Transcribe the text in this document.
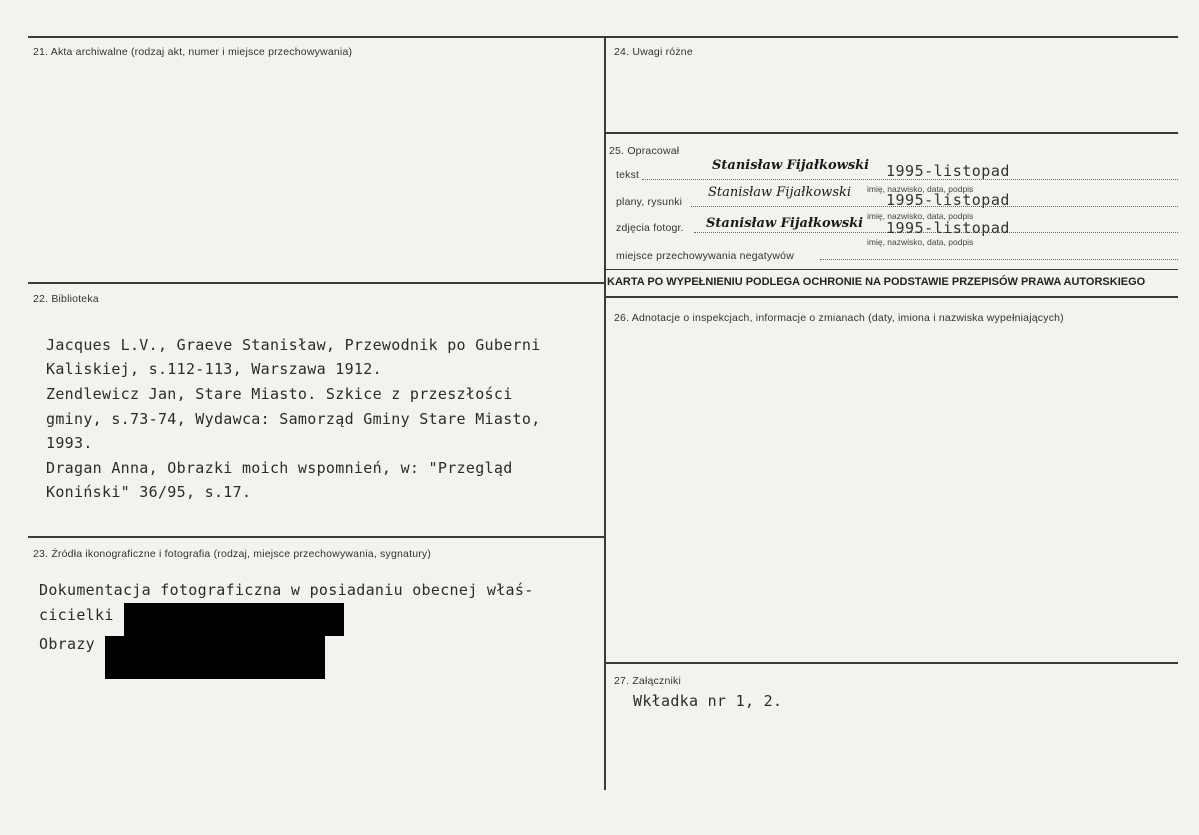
21. Akta archiwalne (rodzaj akt, numer i miejsce przechowywania)
22. Biblioteka
Jacques L.V., Graeve Stanisław, Przewodnik po Guberni
Kaliskiej, s.112-113, Warszawa 1912.
Zendlewicz Jan, Stare Miasto. Szkice z przeszłości
gminy, s.73-74, Wydawca: Samorząd Gminy Stare Miasto,
1993.
Dragan Anna, Obrazki moich wspomnień, w: "Przegląd
Koniński" 36/95, s.17.
23. Źródła ikonograficzne i fotografia (rodzaj, miejsce przechowywania, sygnatury)
Dokumentacja fotograficzna w posiadaniu obecnej właś-
cicielki
Obrazy
24. Uwagi różne
25. Opracował
tekst
Stanisław Fijałkowski 1995-listopad
imię, nazwisko, data, podpis
plany, rysunki
Stanisław Fijałkowski 1995-listopad
imię, nazwisko, data, podpis
zdjęcia fotogr. Stanisław Fijałkowski 1995-listopad
imię, nazwisko, data, podpis
miejsce przechowywania negatywów
KARTA PO WYPEŁNIENIU PODLEGA OCHRONIE NA PODSTAWIE PRZEPISÓW PRAWA AUTORSKIEGO
26. Adnotacje o inspekcjach, informacje o zmianach (daty, imiona i nazwiska wypełniających)
27. Załączniki
Wkładka nr 1, 2.
